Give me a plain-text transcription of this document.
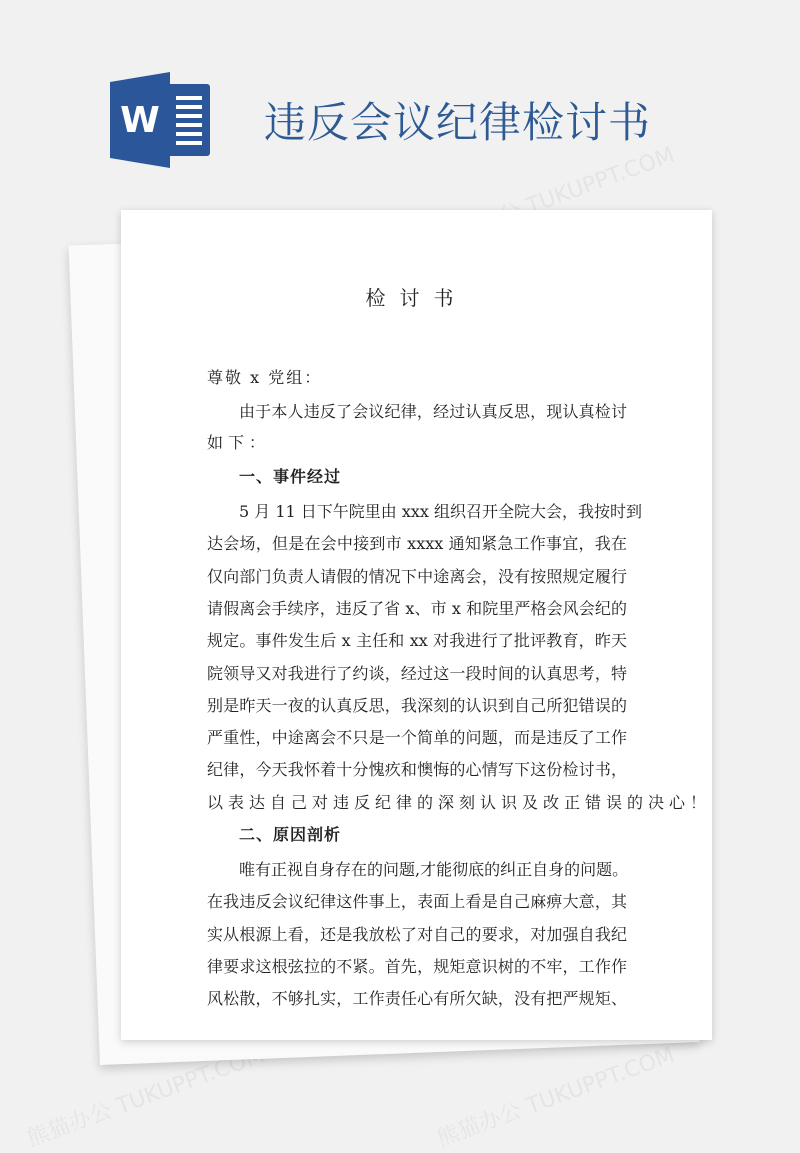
熊猫办公 TUKUPPT.COM
熊猫办公 TUKUPPT.COM	熊猫办公 TUKUPPT.COM
W 违反会议纪律检讨书
检讨书
尊敬 x 党组：
由于本人违反了会议纪律，经过认真反思，现认真检讨
如下：
一、事件经过
5 月 11 日下午院里由 xxx 组织召开全院大会，我按时到
达会场，但是在会中接到市 xxxx 通知紧急工作事宜，我在
仅向部门负责人请假的情况下中途离会，没有按照规定履行
请假离会手续序，违反了省 x、市 x 和院里严格会风会纪的
规定。事件发生后 x 主任和 xx 对我进行了批评教育，昨天
院领导又对我进行了约谈，经过这一段时间的认真思考，特
别是昨天一夜的认真反思，我深刻的认识到自己所犯错误的
严重性，中途离会不只是一个简单的问题，而是违反了工作
纪律，今天我怀着十分愧疚和懊悔的心情写下这份检讨书，
以表达自己对违反纪律的深刻认识及改正错误的决心！
二、原因剖析
唯有正视自身存在的问题,才能彻底的纠正自身的问题。
在我违反会议纪律这件事上，表面上看是自己麻痹大意，其
实从根源上看，还是我放松了对自己的要求，对加强自我纪
律要求这根弦拉的不紧。首先，规矩意识树的不牢，工作作
风松散，不够扎实，工作责任心有所欠缺，没有把严规矩、
